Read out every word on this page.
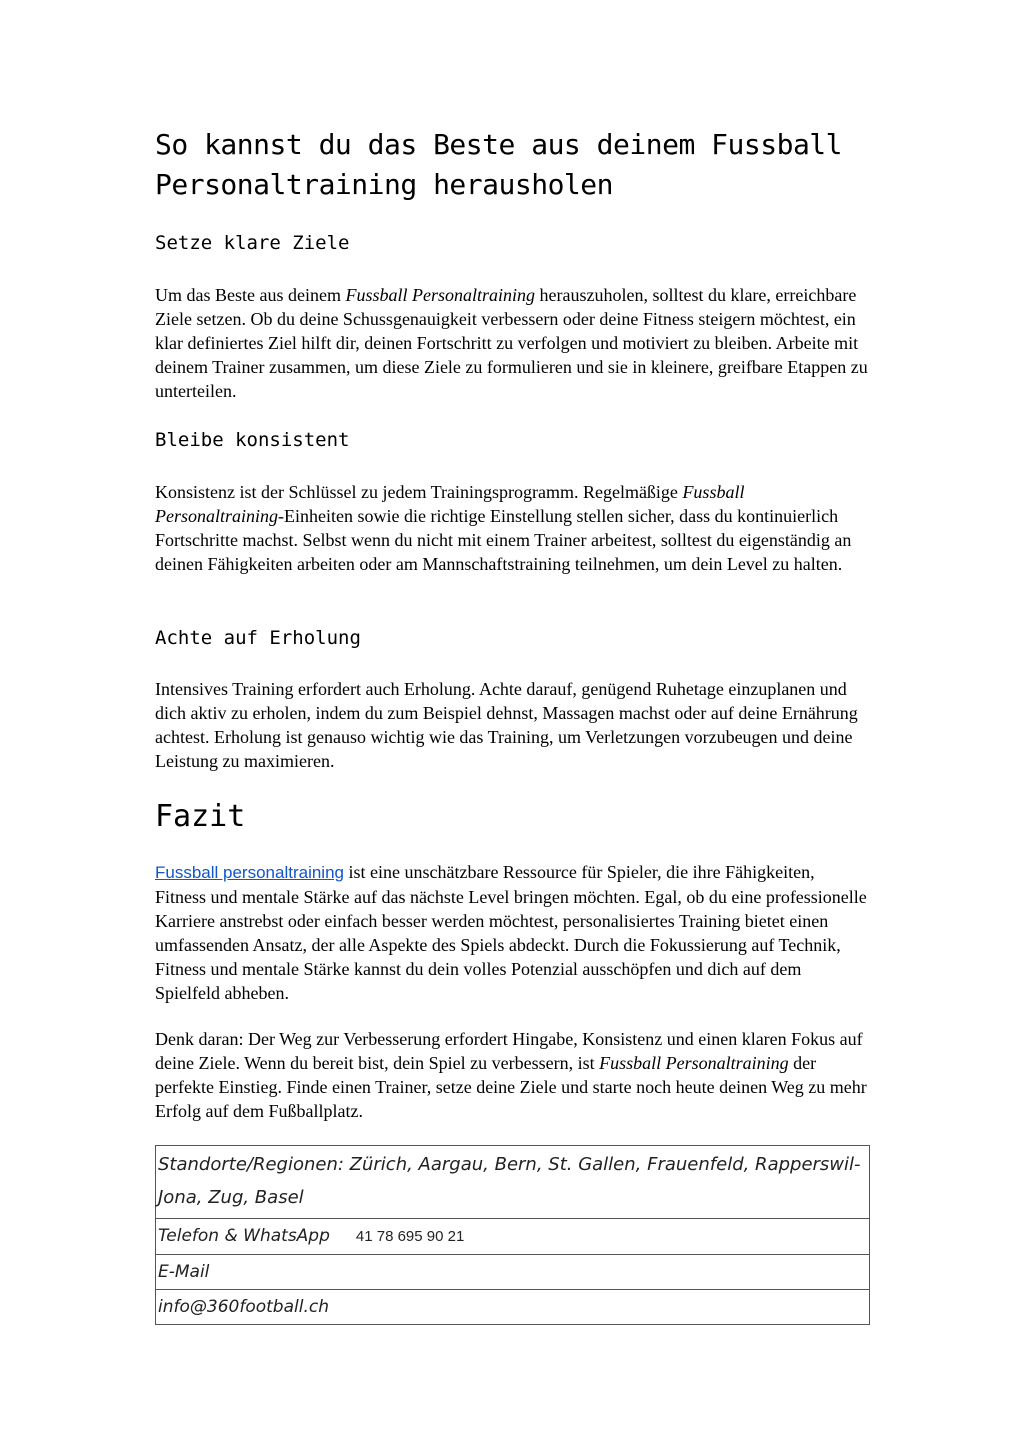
So kannst du das Beste aus deinem Fussball Personaltraining herausholen
Setze klare Ziele

Um das Beste aus deinem Fussball Personaltraining herauszuholen, solltest du klare, erreichbare Ziele setzen. Ob du deine Schussgenauigkeit verbessern oder deine Fitness steigern möchtest, ein klar definiertes Ziel hilft dir, deinen Fortschritt zu verfolgen und motiviert zu bleiben. Arbeite mit deinem Trainer zusammen, um diese Ziele zu formulieren und sie in kleinere, greifbare Etappen zu unterteilen.

Bleibe konsistent

Konsistenz ist der Schlüssel zu jedem Trainingsprogramm. Regelmäßige Fussball Personaltraining-Einheiten sowie die richtige Einstellung stellen sicher, dass du kontinuierlich Fortschritte machst. Selbst wenn du nicht mit einem Trainer arbeitest, solltest du eigenständig an deinen Fähigkeiten arbeiten oder am Mannschaftstraining teilnehmen, um dein Level zu halten.

Achte auf Erholung

Intensives Training erfordert auch Erholung. Achte darauf, genügend Ruhetage einzuplanen und dich aktiv zu erholen, indem du zum Beispiel dehnst, Massagen machst oder auf deine Ernährung achtest. Erholung ist genauso wichtig wie das Training, um Verletzungen vorzubeugen und deine Leistung zu maximieren.

Fazit

Fussball personaltraining ist eine unschätzbare Ressource für Spieler, die ihre Fähigkeiten, Fitness und mentale Stärke auf das nächste Level bringen möchten. Egal, ob du eine professionelle Karriere anstrebst oder einfach besser werden möchtest, personalisiertes Training bietet einen umfassenden Ansatz, der alle Aspekte des Spiels abdeckt. Durch die Fokussierung auf Technik, Fitness und mentale Stärke kannst du dein volles Potenzial ausschöpfen und dich auf dem Spielfeld abheben.

Denk daran: Der Weg zur Verbesserung erfordert Hingabe, Konsistenz und einen klaren Fokus auf deine Ziele. Wenn du bereit bist, dein Spiel zu verbessern, ist Fussball Personaltraining der perfekte Einstieg. Finde einen Trainer, setze deine Ziele und starte noch heute deinen Weg zu mehr Erfolg auf dem Fußballplatz.

Standorte/Regionen: Zürich, Aargau, Bern, St. Gallen, Frauenfeld, Rapperswil-Jona, Zug, Basel
Telefon & WhatsApp 41 78 695 90 21
E-Mail
info@360football.ch
